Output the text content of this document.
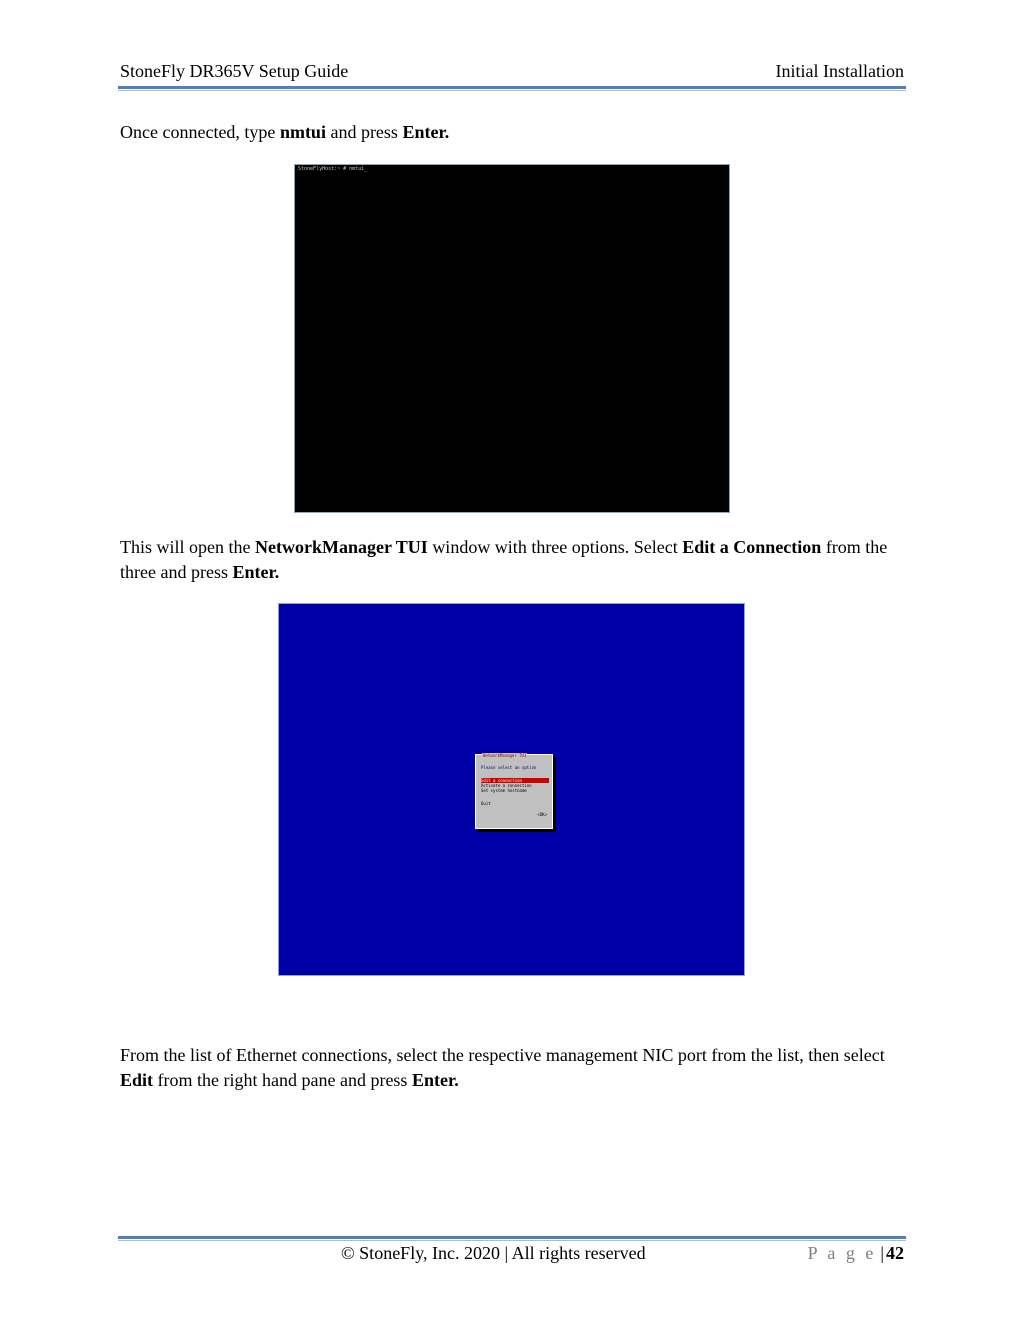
StoneFly DR365V Setup Guide	Initial Installation

Once connected, type nmtui and press Enter.

StoneFlyHost:~ # nmtui_

This will open the NetworkManager TUI window with three options. Select Edit a Connection from the three and press Enter.

NetworkManager TUI
Please select an option
Edit a connection
Activate a connection
Set system hostname
Quit
<OK>

From the list of Ethernet connections, select the respective management NIC port from the list, then select Edit from the right hand pane and press Enter.

© StoneFly, Inc. 2020 | All rights reserved	P a g e | 42
